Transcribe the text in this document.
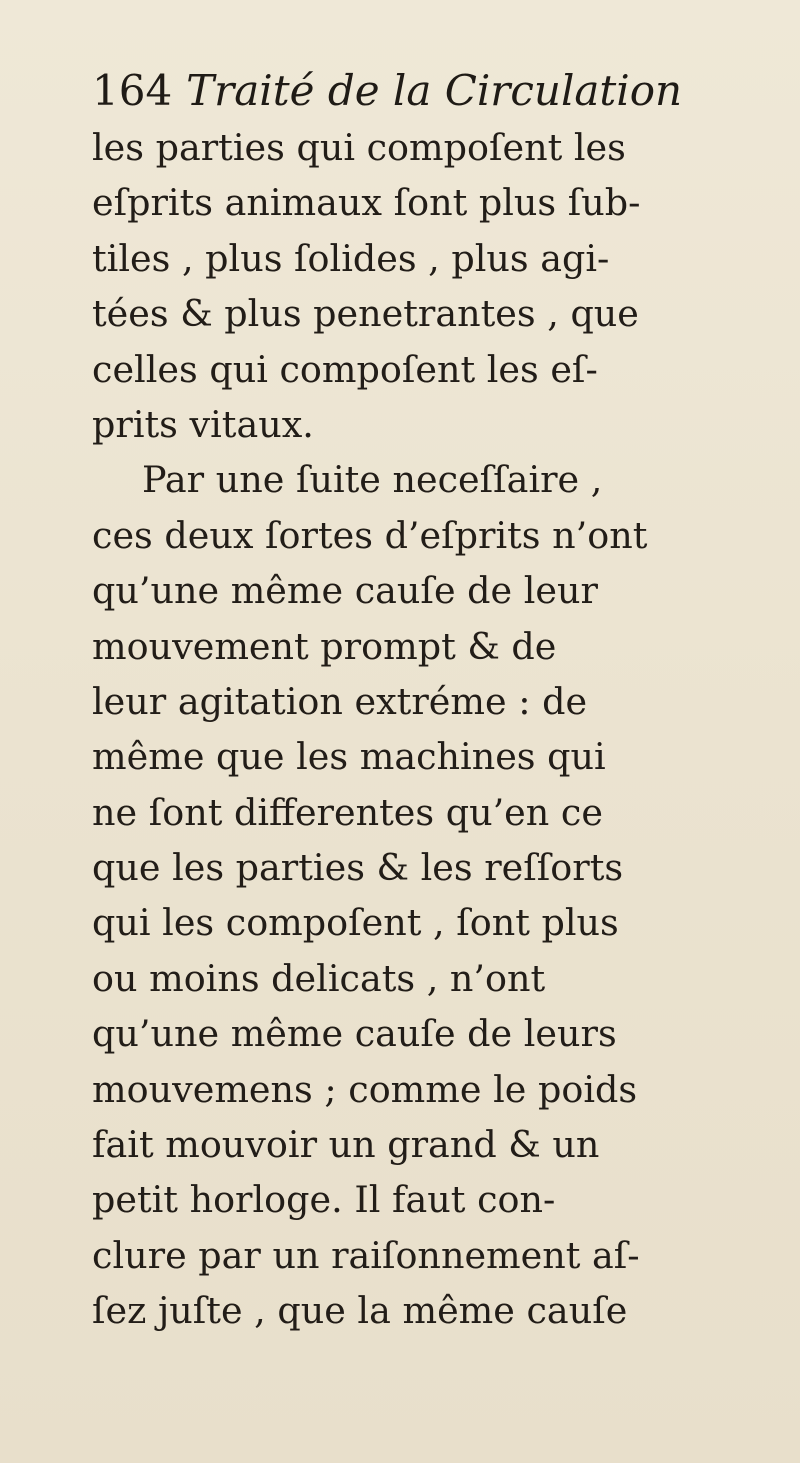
164 Traité de la Circulation
les parties qui compoſent les
eſprits animaux ſont plus ſub-
tiles , plus ſolides , plus agi-
tées & plus penetrantes , que
celles qui compoſent les eſ-
prits vitaux.
Par une ſuite neceſſaire ,
ces deux ſortes d’eſprits n’ont
qu’une même cauſe de leur
mouvement prompt & de
leur agitation extréme : de
même que les machines qui
ne ſont differentes qu’en ce
que les parties & les reſſorts
qui les compoſent , ſont plus
ou moins delicats , n’ont
qu’une même cauſe de leurs
mouvemens ; comme le poids
fait mouvoir un grand & un
petit horloge. Il faut con-
clure par un raiſonnement aſ-
ſez juſte , que la même cauſe
